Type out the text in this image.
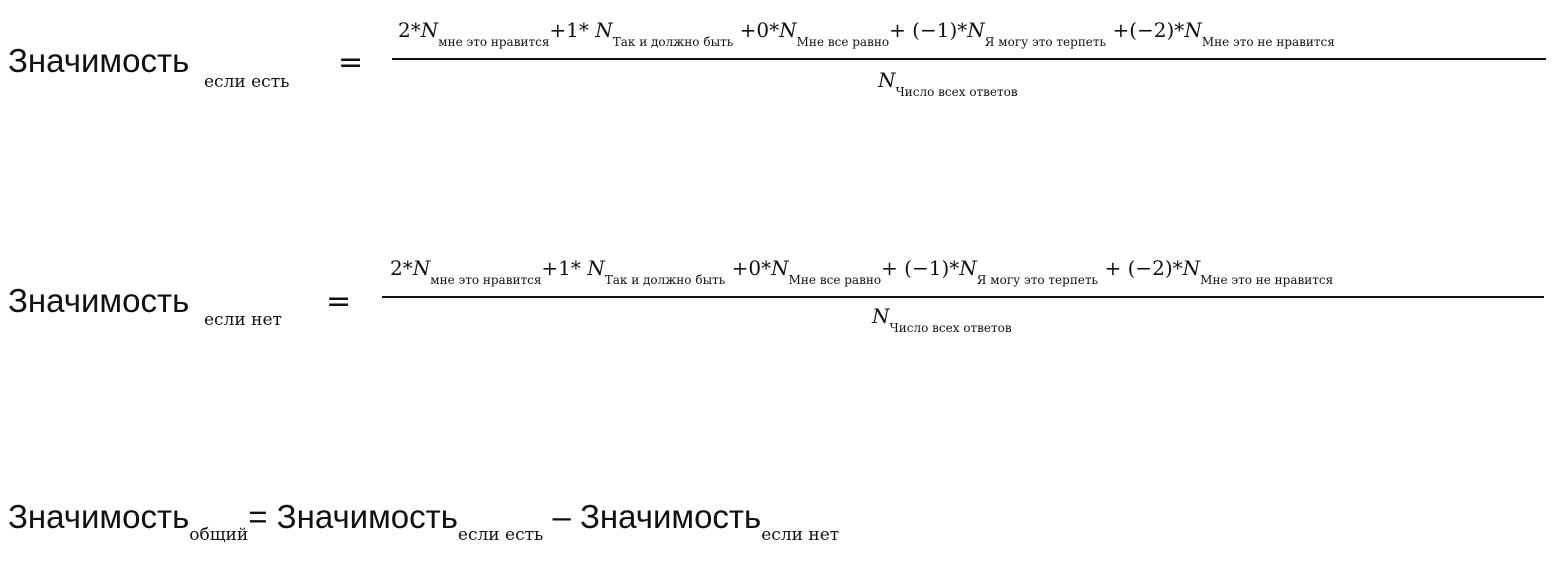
Значимость
если есть
=
$2*N_{мне это нравится}+1*$ $N_{Так и должно быть} +0*N_{Мне все равно}+ (-1)*N_{Я могу это терпеть} +(-2)*N_{Мне это не нравится}$
$N_{Число всех ответов}$
Значимость
если нет
=
$2*N_{мне это нравится}+1*$ $N_{Так и должно быть} +0*N_{Мне все равно}+ (-1)*N_{Я могу это терпеть} + (-2)*N_{Мне это не нравится}$
$N_{Число всех ответов}$
Значимость$_{общий}$= Значимость$_{если есть}$ – Значимость$_{если нет}$
